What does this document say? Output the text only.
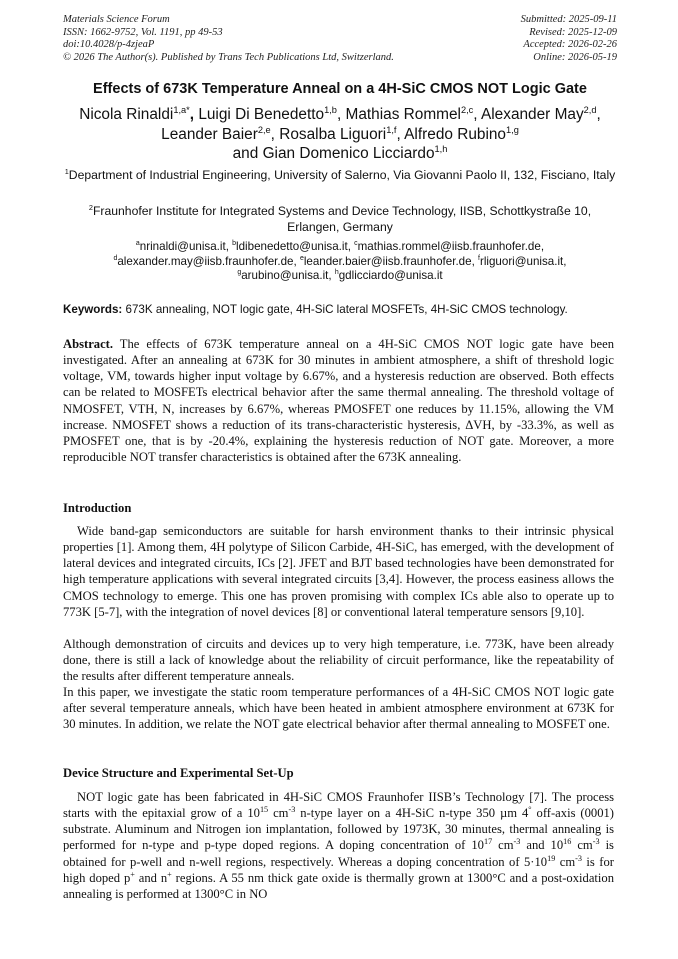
Materials Science Forum
ISSN: 1662-9752, Vol. 1191, pp 49-53
doi:10.4028/p-4zjeaP
© 2026 The Author(s). Published by Trans Tech Publications Ltd, Switzerland.
Submitted: 2025-09-11
Revised: 2025-12-09
Accepted: 2026-02-26
Online: 2026-05-19
Effects of 673K Temperature Anneal on a 4H-SiC CMOS NOT Logic Gate
Nicola Rinaldi$^{1,a*}$, Luigi Di Benedetto$^{1,b}$, Mathias Rommel$^{2,c}$, Alexander May$^{2,d}$,
Leander Baier$^{2,e}$, Rosalba Liguori$^{1,f}$, Alfredo Rubino$^{1,g}$
and Gian Domenico Licciardo$^{1,h}$
$^1$Department of Industrial Engineering, University of Salerno, Via Giovanni Paolo II, 132, Fisciano, Italy
$^2$Fraunhofer Institute for Integrated Systems and Device Technology, IISB, Schottkystraße 10, Erlangen, Germany
$^a$nrinaldi@unisa.it, $^b$ldibenedetto@unisa.it, $^c$mathias.rommel@iisb.fraunhofer.de,
$^d$alexander.may@iisb.fraunhofer.de, $^e$leander.baier@iisb.fraunhofer.de, $^f$rliguori@unisa.it,
$^g$arubino@unisa.it, $^h$gdlicciardo@unisa.it
Keywords: 673K annealing, NOT logic gate, 4H-SiC lateral MOSFETs, 4H-SiC CMOS technology.

Abstract. The effects of 673K temperature anneal on a 4H-SiC CMOS NOT logic gate have been investigated. After an annealing at 673K for 30 minutes in ambient atmosphere, a shift of threshold logic voltage, VM, towards higher input voltage by 6.67%, and a hysteresis reduction are observed. Both effects can be related to MOSFETs electrical behavior after the same thermal annealing. The threshold voltage of NMOSFET, VTH, N, increases by 6.67%, whereas PMOSFET one reduces by 11.15%, allowing the VM increase. NMOSFET shows a reduction of its trans-characteristic hysteresis, ΔVH, by -33.3%, as well as PMOSFET one, that is by -20.4%, explaining the hysteresis reduction of NOT gate. Moreover, a more reproducible NOT transfer characteristics is obtained after the 673K annealing.

Introduction

Wide band-gap semiconductors are suitable for harsh environment thanks to their intrinsic physical properties [1]. Among them, 4H polytype of Silicon Carbide, 4H-SiC, has emerged, with the development of lateral devices and integrated circuits, ICs [2]. JFET and BJT based technologies have been demonstrated for high temperature applications with several integrated circuits [3,4]. However, the process easiness allows the CMOS technology to emerge. This one has proven promising with complex ICs able also to operate up to 773K [5-7], with the integration of novel devices [8] or conventional lateral temperature sensors [9,10].

Although demonstration of circuits and devices up to very high temperature, i.e. 773K, have been already done, there is still a lack of knowledge about the reliability of circuit performance, like the repeatability of the results after different temperature anneals.

In this paper, we investigate the static room temperature performances of a 4H-SiC CMOS NOT logic gate after several temperature anneals, which have been heated in ambient atmosphere environment at 673K for 30 minutes. In addition, we relate the NOT gate electrical behavior after thermal annealing to MOSFET one.

Device Structure and Experimental Set-Up

NOT logic gate has been fabricated in 4H-SiC CMOS Fraunhofer IISB’s Technology [7]. The process starts with the epitaxial grow of a $10^{15}$ $cm^{-3}$ n-type layer on a 4H-SiC n-type 350 µm 4° off-axis (0001) substrate. Aluminum and Nitrogen ion implantation, followed by 1973K, 30 minutes, thermal annealing is performed for n-type and p-type doped regions. A doping concentration of $10^{17}$ $cm^{-3}$ and $10^{16}$ $cm^{-3}$ is obtained for p-well and n-well regions, respectively. Whereas a doping concentration of $5\cdot 10^{19}$ $cm^{-3}$ is for high doped p+ and n+ regions. A 55 nm thick gate oxide is thermally grown at 1300°C and a post-oxidation annealing is performed at 1300°C in NO
